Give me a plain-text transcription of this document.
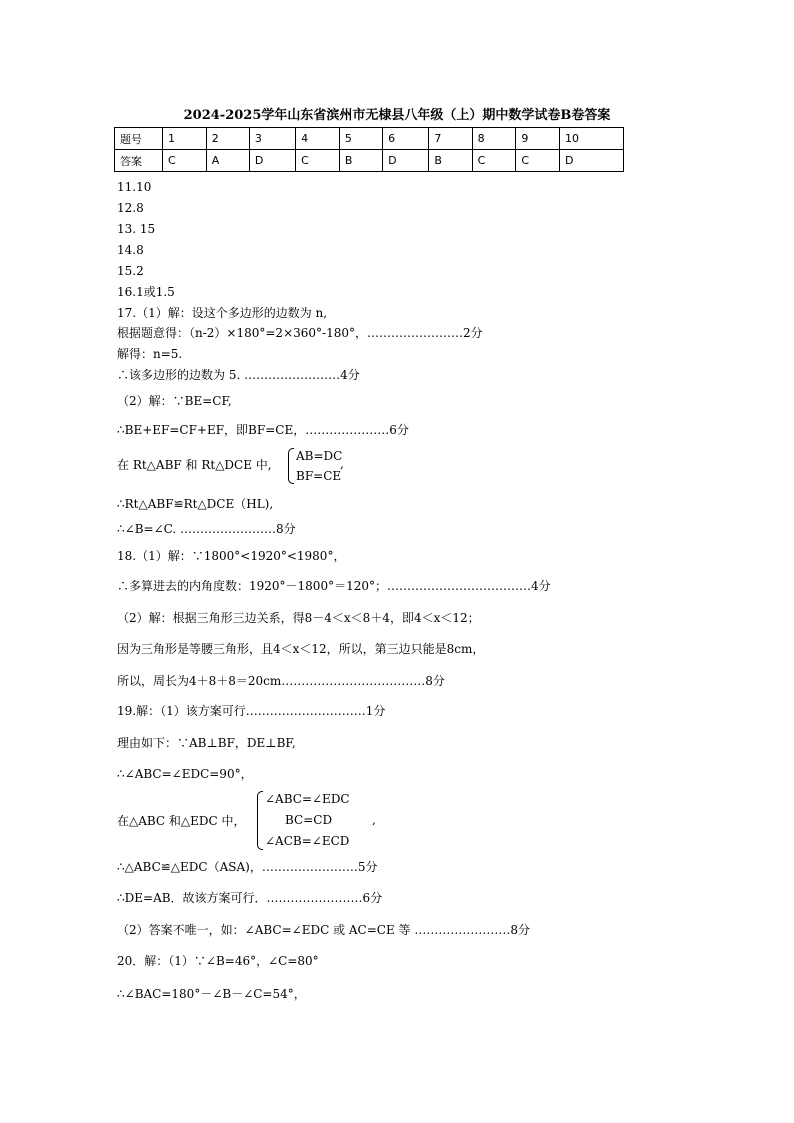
2024-2025学年山东省滨州市无棣县八年级（上）期中数学试卷B卷答案
题号	1	2	3	4	5	6	7	8	9	10
答案	C	A	D	C	B	D	B	C	C	D
11.10
12.8
13. 15
14.8
15.2
16.1或1.5
17.（1）解：设这个多边形的边数为 n,
根据题意得：（n-2）×180°=2×360°-180°，……………………2分
解得：n=5.
∴该多边形的边数为 5. ……………………4分
（2）解：∵BE=CF,
∴BE+EF=CF+EF，即BF=CE，…………………6分
在 Rt△ABF 和 Rt△DCE 中,
AB=DC
BF=CE
,
∴Rt△ABF≌Rt△DCE（HL),
∴∠B=∠C. ……………………8分
18.（1）解：∵1800°<1920°<1980°，
∴多算进去的内角度数：1920°－1800°＝120°；………………………………4分
（2）解：根据三角形三边关系，得8－4＜x＜8＋4，即4＜x＜12；
因为三角形是等腰三角形，且4＜x＜12，所以，第三边只能是8cm，
所以，周长为4＋8＋8＝20cm………………………………8分
19.解：（1）该方案可行…………………………1分
理由如下：∵AB⊥BF，DE⊥BF,
∴∠ABC=∠EDC=90°，
在△ABC 和△EDC 中，
∠ABC=∠EDC
BC=CD
∠ACB=∠ECD
,
∴△ABC≌△EDC（ASA)，……………………5分
∴DE=AB．故该方案可行．……………………6分
（2）答案不唯一，如：∠ABC=∠EDC 或 AC=CE 等 ……………………8分
20．解：（1）∵∠B=46°，∠C=80°
∴∠BAC=180°－∠B－∠C=54°，
